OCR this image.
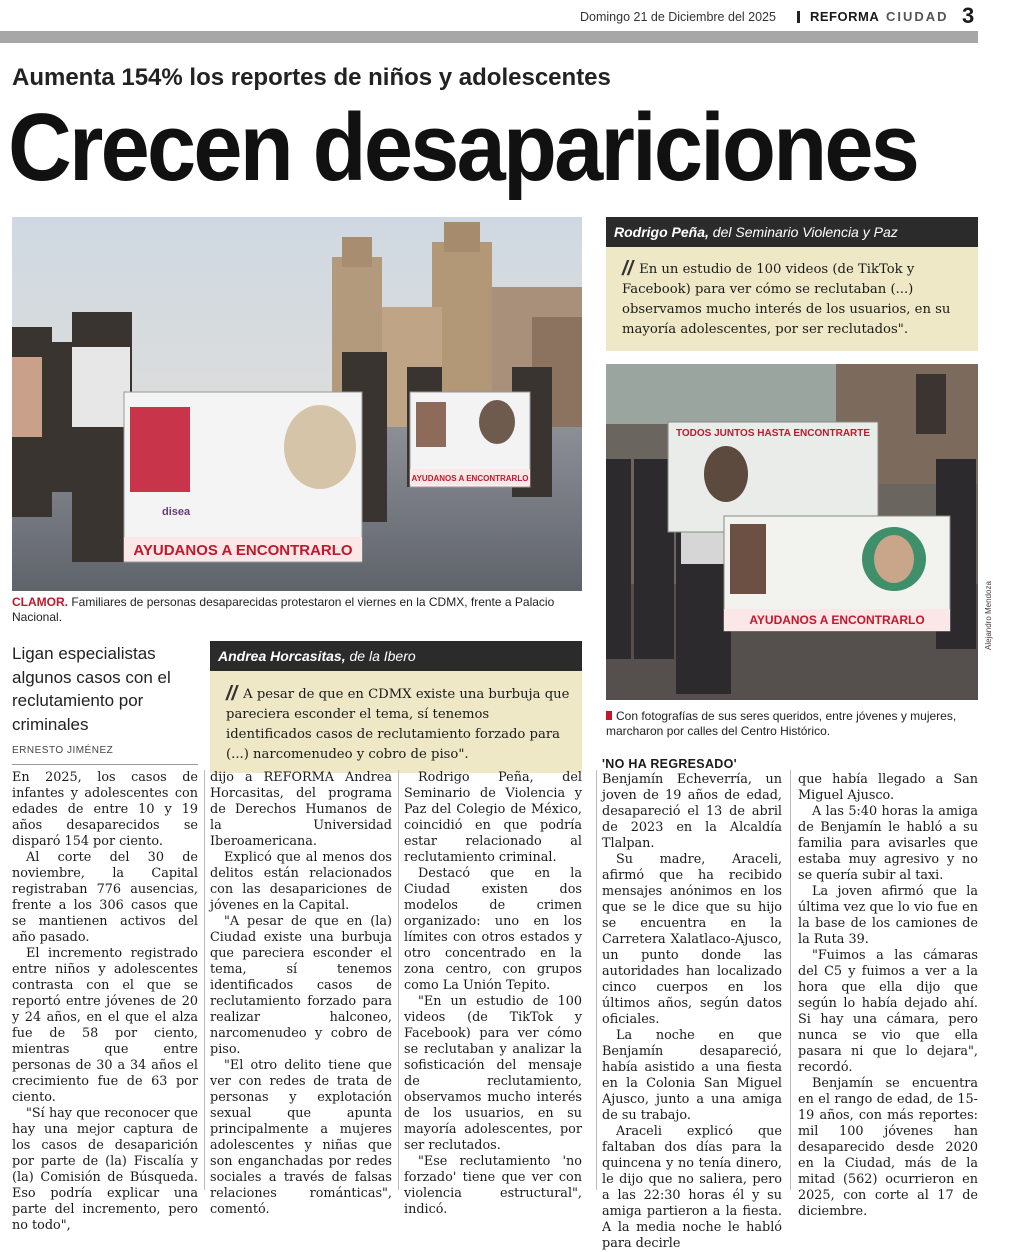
Domingo 21 de Diciembre del 2025	REFORMA CIUDAD 3
Aumenta 154% los reportes de niños y adolescentes
Crecen desapariciones
AYUDANOS A ENCONTRARLO
disea
AYUDANOS A ENCONTRARLO
CLAMOR. Familiares de personas desaparecidas protestaron el viernes en la CDMX, frente a Palacio Nacional.
Rodrigo Peña, del Seminario Violencia y Paz
// En un estudio de 100 videos (de TikTok y Facebook) para ver cómo se reclutaban (...) observamos mucho interés de los usuarios, en su mayoría adolescentes, por ser reclutados".
TODOS JUNTOS HASTA ENCONTRARTE
AYUDANOS A ENCONTRARLO	Alejandro Mendoza
Con fotografías de sus seres queridos, entre jóvenes y mujeres, marcharon por calles del Centro Histórico.
Andrea Horcasitas, de la Ibero
// A pesar de que en CDMX existe una burbuja que pareciera esconder el tema, sí tenemos identificados casos de reclutamiento forzado para (...) narcomenudeo y cobro de piso".
Ligan especialistas algunos casos con el reclutamiento por criminales
ERNESTO JIMÉNEZ

En 2025, los casos de infantes y adolescentes con edades de entre 10 y 19 años desaparecidos se disparó 154 por ciento.

Al corte del 30 de noviembre, la Capital registraban 776 ausencias, frente a los 306 casos que se mantienen activos del año pasado.

El incremento registrado entre niños y adolescentes contrasta con el que se reportó entre jóvenes de 20 y 24 años, en el que el alza fue de 58 por ciento, mientras que entre personas de 30 a 34 años el crecimiento fue de 63 por ciento.

"Sí hay que reconocer que hay una mejor captura de los casos de desaparición por parte de (la) Fiscalía y (la) Comisión de Búsqueda. Eso podría explicar una parte del incremento, pero no todo",

dijo a REFORMA Andrea Horcasitas, del programa de Derechos Humanos de la Universidad Iberoamericana.

Explicó que al menos dos delitos están relacionados con las desapariciones de jóvenes en la Capital.

"A pesar de que en (la) Ciudad existe una burbuja que pareciera esconder el tema, sí tenemos identificados casos de reclutamiento forzado para realizar halconeo, narcomenudeo y cobro de piso.

"El otro delito tiene que ver con redes de trata de personas y explotación sexual que apunta principalmente a mujeres adolescentes y niñas que son enganchadas por redes sociales a través de falsas relaciones románticas", comentó.

Rodrigo Peña, del Seminario de Violencia y Paz del Colegio de México, coincidió en que podría estar relacionado al reclutamiento criminal.

Destacó que en la Ciudad existen dos modelos de crimen organizado: uno en los límites con otros estados y otro concentrado en la zona centro, con grupos como La Unión Tepito.

"En un estudio de 100 videos (de TikTok y Facebook) para ver cómo se reclutaban y analizar la sofisticación del mensaje de reclutamiento, observamos mucho interés de los usuarios, en su mayoría adolescentes, por ser reclutados.

"Ese reclutamiento 'no forzado' tiene que ver con violencia estructural", indicó.

'NO HA REGRESADO'

Benjamín Echeverría, un joven de 19 años de edad, desapareció el 13 de abril de 2023 en la Alcaldía Tlalpan.

Su madre, Araceli, afirmó que ha recibido mensajes anónimos en los que se le dice que su hijo se encuentra en la Carretera Xalatlaco-Ajusco, un punto donde las autoridades han localizado cinco cuerpos en los últimos años, según datos oficiales.

La noche en que Benjamín desapareció, había asistido a una fiesta en la Colonia San Miguel Ajusco, junto a una amiga de su trabajo.

Araceli explicó que faltaban dos días para la quincena y no tenía dinero, le dijo que no saliera, pero a las 22:30 horas él y su amiga partieron a la fiesta. A la media noche le habló para decirle

que había llegado a San Miguel Ajusco.

A las 5:40 horas la amiga de Benjamín le habló a su familia para avisarles que estaba muy agresivo y no se quería subir al taxi.

La joven afirmó que la última vez que lo vio fue en la base de los camiones de la Ruta 39.

"Fuimos a las cámaras del C5 y fuimos a ver a la hora que ella dijo que según lo había dejado ahí. Si hay una cámara, pero nunca se vio que ella pasara ni que lo dejara", recordó.

Benjamín se encuentra en el rango de edad, de 15-19 años, con más reportes: mil 100 jóvenes han desaparecido desde 2020 en la Ciudad, más de la mitad (562) ocurrieron en 2025, con corte al 17 de diciembre.
